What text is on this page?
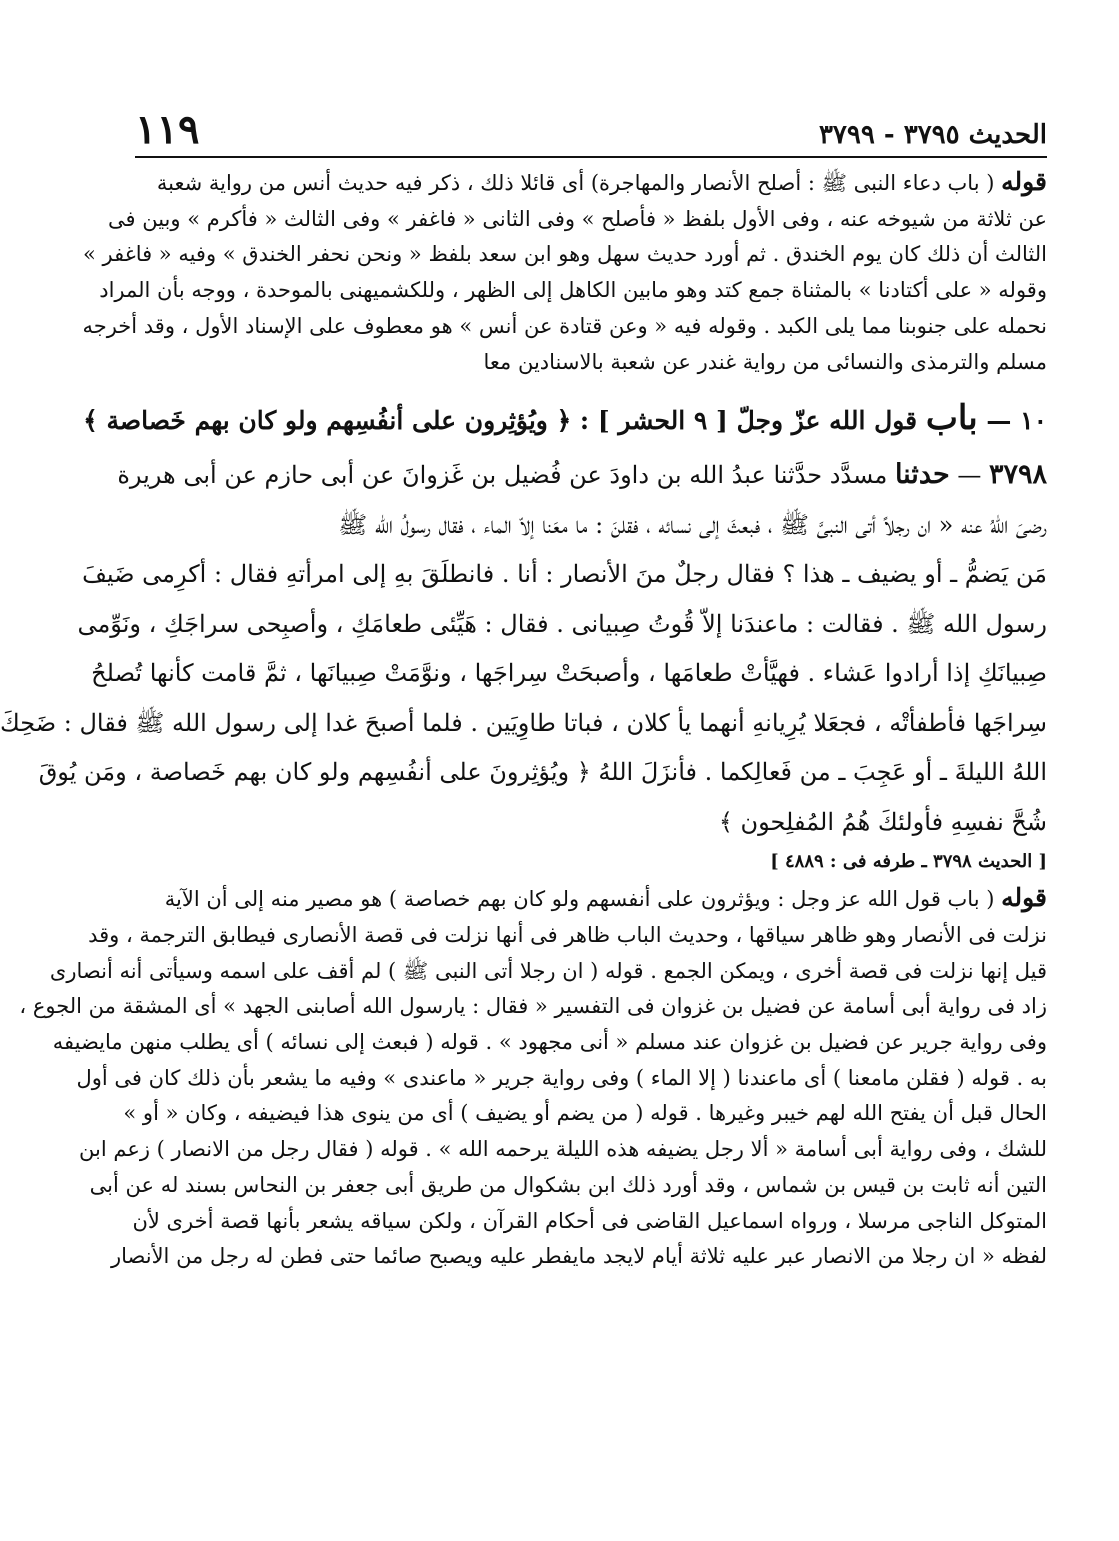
الحديث ٣٧٩٥ - ٣٧٩٩
١١٩
قوله ( باب دعاء النبى ﷺ : أصلح الأنصار والمهاجرة) أى قائلا ذلك ، ذكر فيه حديث أنس من رواية شعبة
عن ثلاثة من شيوخه عنه ، وفى الأول بلفظ « فأصلح » وفى الثانى « فاغفر » وفى الثالث « فأكرم » وبين فى
الثالث أن ذلك كان يوم الخندق . ثم أورد حديث سهل وهو ابن سعد بلفظ « ونحن نحفر الخندق » وفيه « فاغفر »
وقوله « على أكتادنا » بالمثناة جمع كتد وهو مابين الكاهل إلى الظهر ، وللكشميهنى بالموحدة ، ووجه بأن المراد
نحمله على جنوبنا مما يلى الكبد . وقوله فيه « وعن قتادة عن أنس » هو معطوف على الإسناد الأول ، وقد أخرجه
مسلم والترمذى والنسائى من رواية غندر عن شعبة بالاسنادين معا
١٠ — باب قول الله عزّ وجلّ [ ٩ الحشر ] : ﴿ ويُؤثِرون على أنفُسِهم ولو كان بهم خَصاصة ﴾
٣٧٩٨ — حدثنا مسدَّد حدَّثنا عبدُ الله بن داودَ عن فُضيل بن غَزوانَ عن أبى حازم عن أبى هريرة
رضىَ اللهُ عنه « ان رجلاً أتى النبىَّ ﷺ ، فبعثَ إلى نسائه ، فقلنَ : ما معَنا إلاّ الماء ، فقال رسولُ الله ﷺ
مَن يَضمُّ ـ أو يضيف ـ هذا ؟ فقال رجلٌ منَ الأنصار : أنا . فانطلَقَ بهِ إلى امرأتهِ فقال : أكرِمى ضَيفَ
رسول الله ﷺ . فقالت : ماعندَنا إلاّ قُوتُ صِبيانى . فقال : هَيِّئى طعامَكِ ، وأصبِحى سراجَكِ ، ونَوِّمى
صِبيانَكِ إذا أرادوا عَشاء . فهيَّأتْ طعامَها ، وأصبحَتْ سِراجَها ، ونوَّمَتْ صِبيانَها ، ثمَّ قامت كأنها تُصلحُ
سِراجَها فأطفأتْه ، فجعَلا يُرِيانهِ أنهما يأ كلان ، فباتا طاوِيَين . فلما أصبحَ غدا إلى رسول الله ﷺ فقال : ضَحِكَ
اللهُ الليلةَ ـ أو عَجِبَ ـ من فَعالِكما . فأنزَلَ اللهُ ﴿ ويُؤثِرونَ على أنفُسِهم ولو كان بهم خَصاصة ، ومَن يُوقَ
شُحَّ نفسِهِ فأولئكَ هُمُ المُفلِحون ﴾
[ الحديث ٣٧٩٨ ـ طرفه فى : ٤٨٨٩ ]
قوله ( باب قول الله عز وجل : ويؤثرون على أنفسهم ولو كان بهم خصاصة ) هو مصير منه إلى أن الآية
نزلت فى الأنصار وهو ظاهر سياقها ، وحديث الباب ظاهر فى أنها نزلت فى قصة الأنصارى فيطابق الترجمة ، وقد
قيل إنها نزلت فى قصة أخرى ، ويمكن الجمع . قوله ( ان رجلا أتى النبى ﷺ ) لم أقف على اسمه وسيأتى أنه أنصارى
زاد فى رواية أبى أسامة عن فضيل بن غزوان فى التفسير « فقال : يارسول الله أصابنى الجهد » أى المشقة من الجوع ،
وفى رواية جرير عن فضيل بن غزوان عند مسلم « أنى مجهود » . قوله ( فبعث إلى نسائه ) أى يطلب منهن مايضيفه
به . قوله ( فقلن مامعنا ) أى ماعندنا ( إلا الماء ) وفى رواية جرير « ماعندى » وفيه ما يشعر بأن ذلك كان فى أول
الحال قبل أن يفتح الله لهم خيبر وغيرها . قوله ( من يضم أو يضيف ) أى من ينوى هذا فيضيفه ، وكان « أو »
للشك ، وفى رواية أبى أسامة « ألا رجل يضيفه هذه الليلة يرحمه الله » . قوله ( فقال رجل من الانصار ) زعم ابن
التين أنه ثابت بن قيس بن شماس ، وقد أورد ذلك ابن بشكوال من طريق أبى جعفر بن النحاس بسند له عن أبى
المتوكل الناجى مرسلا ، ورواه اسماعيل القاضى فى أحكام القرآن ، ولكن سياقه يشعر بأنها قصة أخرى لأن
لفظه « ان رجلا من الانصار عبر عليه ثلاثة أيام لايجد مايفطر عليه ويصبح صائما حتى فطن له رجل من الأنصار
